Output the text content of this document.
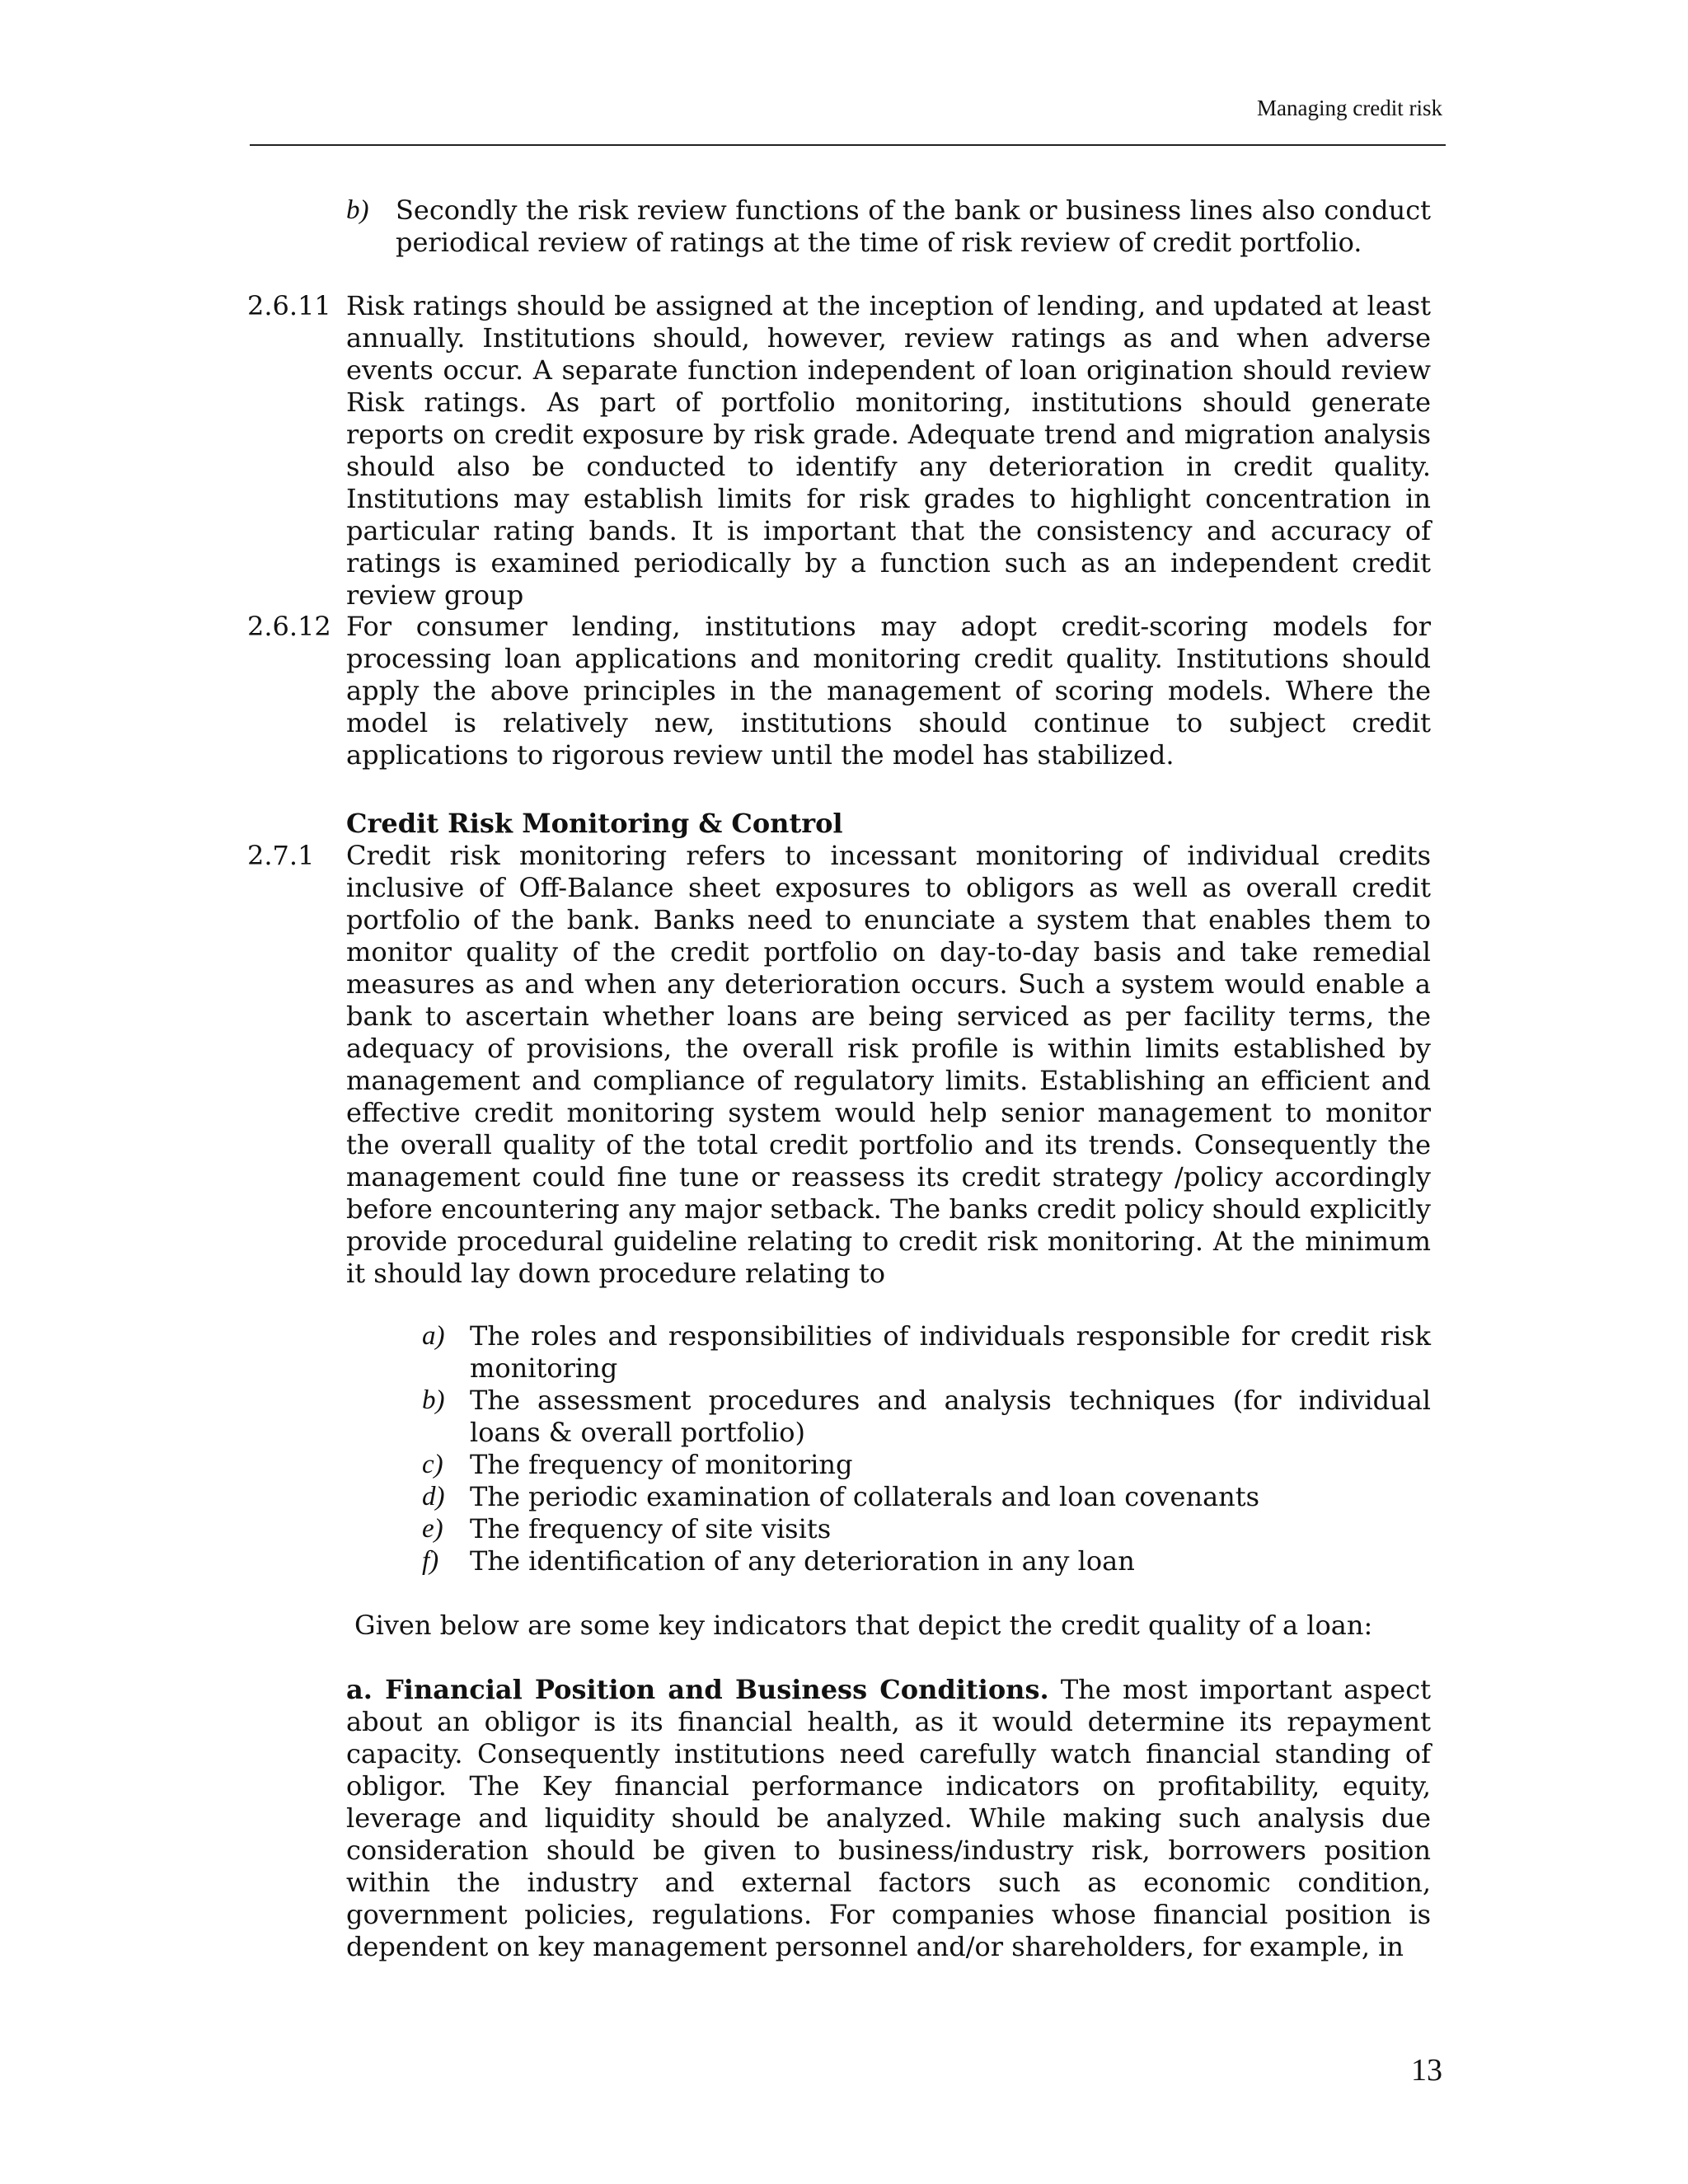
Managing credit risk
b) Secondly the risk review functions of the bank or business lines also conduct periodical review of ratings at the time of risk review of credit portfolio.
2.6.11 Risk ratings should be assigned at the inception of lending, and updated at least annually. Institutions should, however, review ratings as and when adverse events occur. A separate function independent of loan origination should review Risk ratings. As part of portfolio monitoring, institutions should generate reports on credit exposure by risk grade. Adequate trend and migration analysis should also be conducted to identify any deterioration in credit quality. Institutions may establish limits for risk grades to highlight concentration in particular rating bands. It is important that the consistency and accuracy of ratings is examined periodically by a function such as an independent credit review group
2.6.12 For consumer lending, institutions may adopt credit-scoring models for processing loan applications and monitoring credit quality. Institutions should apply the above principles in the management of scoring models. Where the model is relatively new, institutions should continue to subject credit applications to rigorous review until the model has stabilized.
Credit Risk Monitoring & Control
2.7.1 Credit risk monitoring refers to incessant monitoring of individual credits inclusive of Off-Balance sheet exposures to obligors as well as overall credit portfolio of the bank. Banks need to enunciate a system that enables them to monitor quality of the credit portfolio on day-to-day basis and take remedial measures as and when any deterioration occurs. Such a system would enable a bank to ascertain whether loans are being serviced as per facility terms, the adequacy of provisions, the overall risk profile is within limits established by management and compliance of regulatory limits. Establishing an efficient and effective credit monitoring system would help senior management to monitor the overall quality of the total credit portfolio and its trends. Consequently the management could fine tune or reassess its credit strategy /policy accordingly before encountering any major setback. The banks credit policy should explicitly provide procedural guideline relating to credit risk monitoring. At the minimum it should lay down procedure relating to
a) The roles and responsibilities of individuals responsible for credit risk monitoring
b) The assessment procedures and analysis techniques (for individual loans & overall portfolio)
c) The frequency of monitoring
d) The periodic examination of collaterals and loan covenants
e) The frequency of site visits
f) The identification of any deterioration in any loan
Given below are some key indicators that depict the credit quality of a loan:
a. Financial Position and Business Conditions. The most important aspect about an obligor is its financial health, as it would determine its repayment capacity. Consequently institutions need carefully watch financial standing of obligor. The Key financial performance indicators on profitability, equity, leverage and liquidity should be analyzed. While making such analysis due consideration should be given to business/industry risk, borrowers position within the industry and external factors such as economic condition, government policies, regulations. For companies whose financial position is dependent on key management personnel and/or shareholders, for example, in
13
